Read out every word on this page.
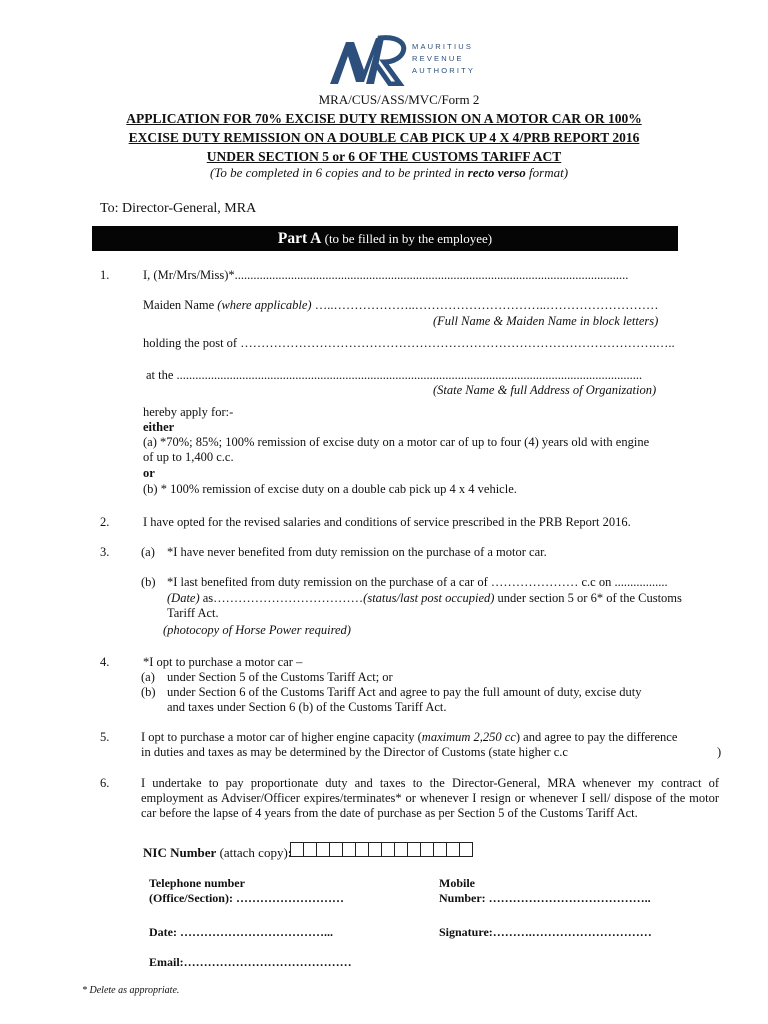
MAURITIUS
REVENUE
AUTHORITY
MRA/CUS/ASS/MVC/Form 2
APPLICATION FOR 70% EXCISE DUTY REMISSION ON A MOTOR CAR OR 100%
EXCISE DUTY REMISSION ON A DOUBLE CAB PICK UP 4 X 4/PRB REPORT 2016
UNDER SECTION 5 or 6 OF THE CUSTOMS TARIFF ACT
(To be completed in 6 copies and to be printed in recto verso format)
To: Director-General, MRA
Part A (to be filled in by the employee)
1.	I, (Mr/Mrs/Miss)*..............................................................................................................................
Maiden Name (where applicable) …..………………..…………………………..………………………
(Full Name & Maiden Name in block letters)
holding the post of ……………………………………………………………………………………….…..
at the .....................................................................................................................................................
(State Name & full Address of Organization)
hereby apply for:-
either
(a) *70%; 85%; 100% remission of excise duty on a motor car of up to four (4) years old with engine
of up to 1,400 c.c.
or
(b) * 100% remission of excise duty on a double cab pick up 4 x 4 vehicle.
2.	I have opted for the revised salaries and conditions of service prescribed in the PRB Report 2016.
3.	(a) *I have never benefited from duty remission on the purchase of a motor car.
(b) *I last benefited from duty remission on the purchase of a car of ………………… c.c on .................
(Date) as………………………………(status/last post occupied) under section 5 or 6* of the Customs
Tariff Act.
(photocopy of Horse Power required)
4.	*I opt to purchase a motor car –
(a) under Section 5 of the Customs Tariff Act; or
(b) under Section 6 of the Customs Tariff Act and agree to pay the full amount of duty, excise duty
and taxes under Section 6 (b) of the Customs Tariff Act.
5.	I opt to purchase a motor car of higher engine capacity (maximum 2,250 cc) and agree to pay the difference
in duties and taxes as may be determined by the Director of Customs (state higher c.c	)
6.	I undertake to pay proportionate duty and taxes to the Director-General, MRA whenever my contract of employment as Adviser/Officer expires/terminates* or whenever I resign or whenever I sell/ dispose of the motor car before the lapse of 4 years from the date of purchase as per Section 5 of the Customs Tariff Act.
NIC Number (attach copy):
Telephone number
(Office/Section): ………………………
Mobile
Number: …………………………………..
Date: ………………………………...	Signature:……….…………………………
Email:……………………………………
* Delete as appropriate.
